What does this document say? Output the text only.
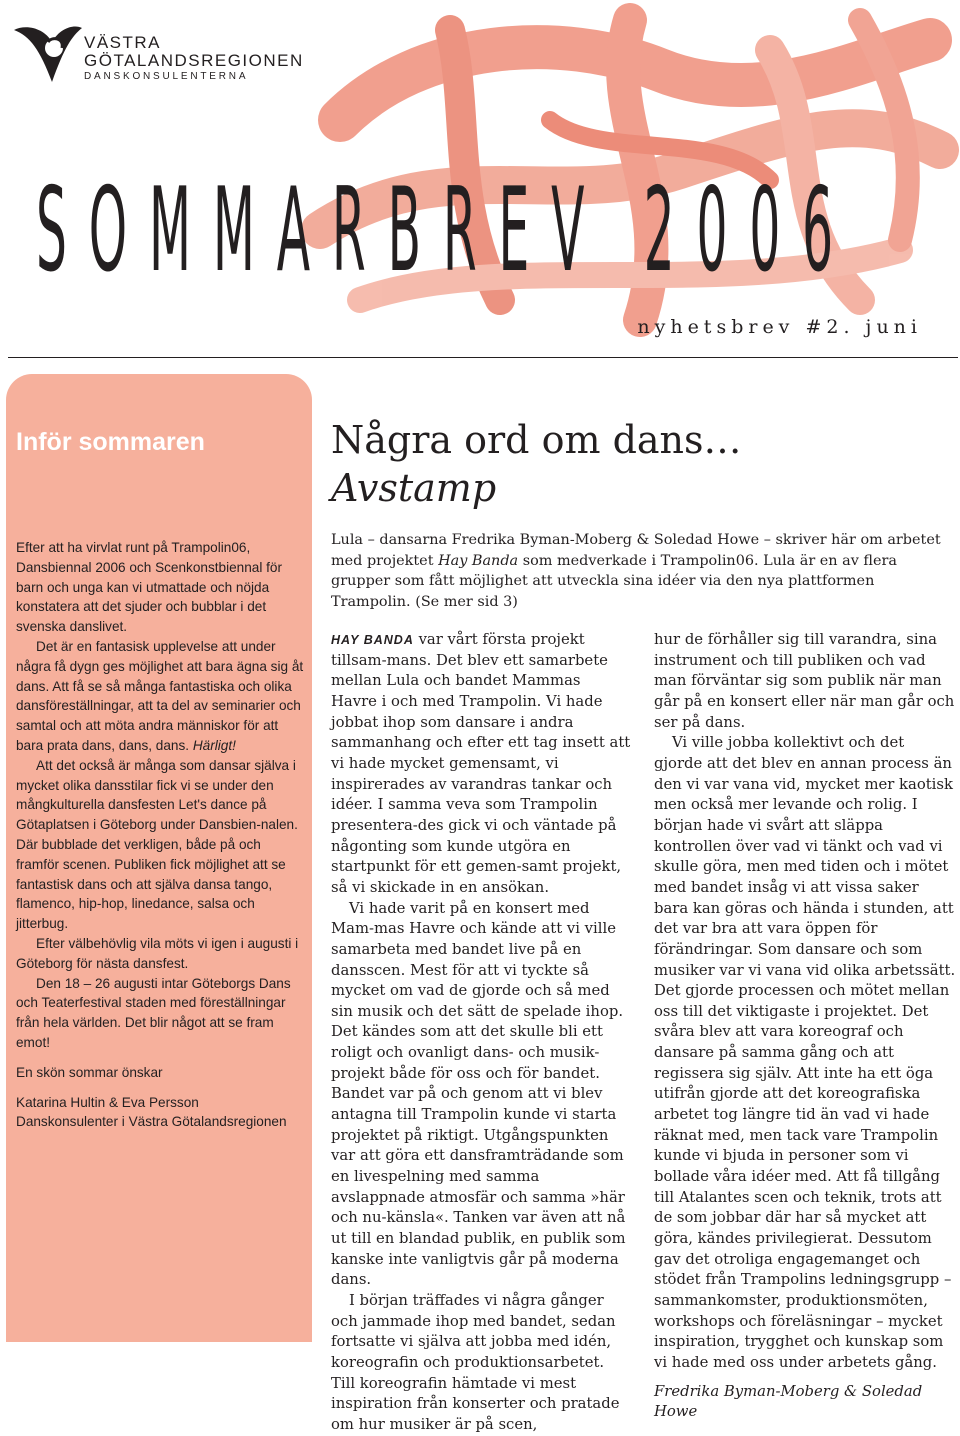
VÄSTRA
GÖTALANDSREGIONEN
DANSKONSULENTERNA
SOMMARBREV 2006
nyhetsbrev #2. juni
Inför sommaren

Efter att ha virvlat runt på Trampolin06, Dansbiennal 2006 och Scenkonstbiennal för barn och unga kan vi utmattade och nöjda konstatera att det sjuder och bubblar i det svenska danslivet.

Det är en fantasisk upplevelse att under några få dygn ges möjlighet att bara ägna sig åt dans. Att få se så många fantastiska och olika dansföreställningar, att ta del av seminarier och samtal och att möta andra människor för att bara prata dans, dans, dans. Härligt!

Att det också är många som dansar själva i mycket olika dansstilar fick vi se under den mångkulturella dansfesten Let's dance på Götaplatsen i Göteborg under Dansbien-nalen. Där bubblade det verkligen, både på och framför scenen. Publiken fick möjlighet att se fantastisk dans och att själva dansa tango, flamenco, hip-hop, linedance, salsa och jitterbug.

Efter välbehövlig vila möts vi igen i augusti i Göteborg för nästa dansfest.

Den 18 – 26 augusti intar Göteborgs Dans och Teaterfestival staden med föreställningar från hela världen. Det blir något att se fram emot!

En skön sommar önskar

Katarina Hultin & Eva Persson

Danskonsulenter i Västra Götalandsregionen

Några ord om dans…
Avstamp
Lula – dansarna Fredrika Byman-Moberg & Soledad Howe – skriver här om arbetet med projektet Hay Banda som medverkade i Trampolin06. Lula är en av flera grupper som fått möjlighet att utveckla sina idéer via den nya plattformen Trampolin. (Se mer sid 3)

HAY BANDA var vårt första projekt tillsam-mans. Det blev ett samarbete mellan Lula och bandet Mammas Havre i och med Trampolin. Vi hade jobbat ihop som dansare i andra sammanhang och efter ett tag insett att vi hade mycket gemensamt, vi inspirerades av varandras tankar och idéer. I samma veva som Trampolin presentera-des gick vi och väntade på någonting som kunde utgöra en startpunkt för ett gemen-samt projekt, så vi skickade in en ansökan.

Vi hade varit på en konsert med Mam-mas Havre och kände att vi ville samarbeta med bandet live på en dansscen. Mest för att vi tyckte så mycket om vad de gjorde och så med sin musik och det sätt de spelade ihop. Det kändes som att det skulle bli ett roligt och ovanligt dans- och musik-projekt både för oss och för bandet. Bandet var på och genom att vi blev antagna till Trampolin kunde vi starta projektet på riktigt. Utgångspunkten var att göra ett dansframträdande som en livespelning med samma avslappnade atmosfär och samma »här och nu-känsla«. Tanken var även att nå ut till en blandad publik, en publik som kanske inte vanligtvis går på moderna dans.

I början träffades vi några gånger och jammade ihop med bandet, sedan fortsatte vi själva att jobba med idén, koreografin och produktionsarbetet. Till koreografin hämtade vi mest inspiration från konserter och pratade om hur musiker är på scen,

hur de förhåller sig till varandra, sina instrument och till publiken och vad man förväntar sig som publik när man går på en konsert eller när man går och ser på dans.

Vi ville jobba kollektivt och det gjorde att det blev en annan process än den vi var vana vid, mycket mer kaotisk men också mer levande och rolig. I början hade vi svårt att släppa kontrollen över vad vi tänkt och vad vi skulle göra, men med tiden och i mötet med bandet insåg vi att vissa saker bara kan göras och hända i stunden, att det var bra att vara öppen för förändringar. Som dansare och som musiker var vi vana vid olika arbetssätt. Det gjorde processen och mötet mellan oss till det viktigaste i projektet. Det svåra blev att vara koreograf och dansare på samma gång och att regissera sig själv. Att inte ha ett öga utifrån gjorde att det koreografiska arbetet tog längre tid än vad vi hade räknat med, men tack vare Trampolin kunde vi bjuda in personer som vi bollade våra idéer med. Att få tillgång till Atalantes scen och teknik, trots att de som jobbar där har så mycket att göra, kändes privilegierat. Dessutom gav det otroliga engagemanget och stödet från Trampolins ledningsgrupp – sammankomster, produktionsmöten, workshops och föreläsningar – mycket inspiration, trygghet och kunskap som vi hade med oss under arbetets gång.

Fredrika Byman-Moberg & Soledad Howe
